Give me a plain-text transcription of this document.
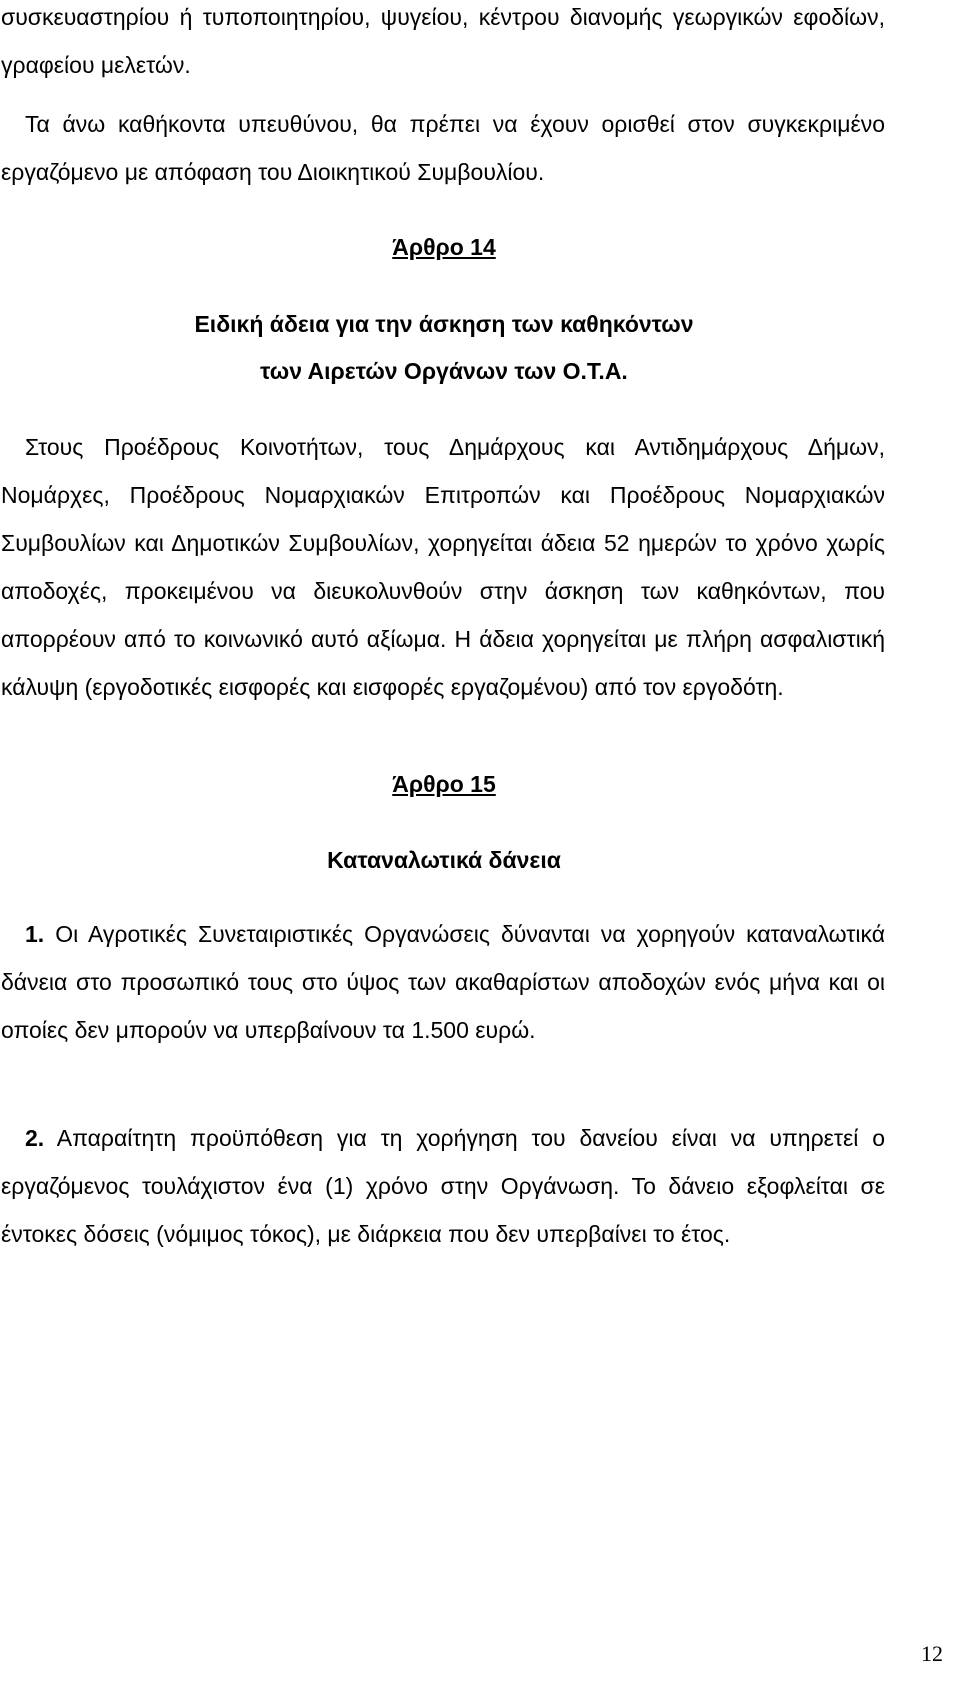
συσκευαστηρίου ή τυποποιητηρίου, ψυγείου, κέντρου διανομής γεωργικών εφοδίων, γραφείου μελετών.

Τα άνω καθήκοντα υπευθύνου, θα πρέπει να έχουν ορισθεί στον συγκεκριμένο εργαζόμενο με απόφαση του Διοικητικού Συμβουλίου.

Άρθρο 14
Ειδική άδεια για την άσκηση των καθηκόντων
των Αιρετών Οργάνων των Ο.Τ.Α.

Στους Προέδρους Κοινοτήτων, τους Δημάρχους και Αντιδημάρχους Δήμων, Νομάρχες, Προέδρους Νομαρχιακών Επιτροπών και Προέδρους Νομαρχιακών Συμβουλίων και Δημοτικών Συμβουλίων, χορηγείται άδεια 52 ημερών το χρόνο χωρίς αποδοχές, προκειμένου να διευκολυνθούν στην άσκηση των καθηκόντων, που απορρέουν από το κοινωνικό αυτό αξίωμα. Η άδεια χορηγείται με πλήρη ασφαλιστική κάλυψη (εργοδοτικές εισφορές και εισφορές εργαζομένου) από τον εργοδότη.

Άρθρο 15
Καταναλωτικά δάνεια

1. Οι Αγροτικές Συνεταιριστικές Οργανώσεις δύνανται να χορηγούν καταναλωτικά δάνεια στο προσωπικό τους στο ύψος των ακαθαρίστων αποδοχών ενός μήνα και οι οποίες δεν μπορούν να υπερβαίνουν τα 1.500 ευρώ.

2. Απαραίτητη προϋπόθεση για τη χορήγηση του δανείου είναι να υπηρετεί ο εργαζόμενος τουλάχιστον ένα (1) χρόνο στην Οργάνωση. Το δάνειο εξοφλείται σε έντοκες δόσεις (νόμιμος τόκος), με διάρκεια που δεν υπερβαίνει το έτος.

12
